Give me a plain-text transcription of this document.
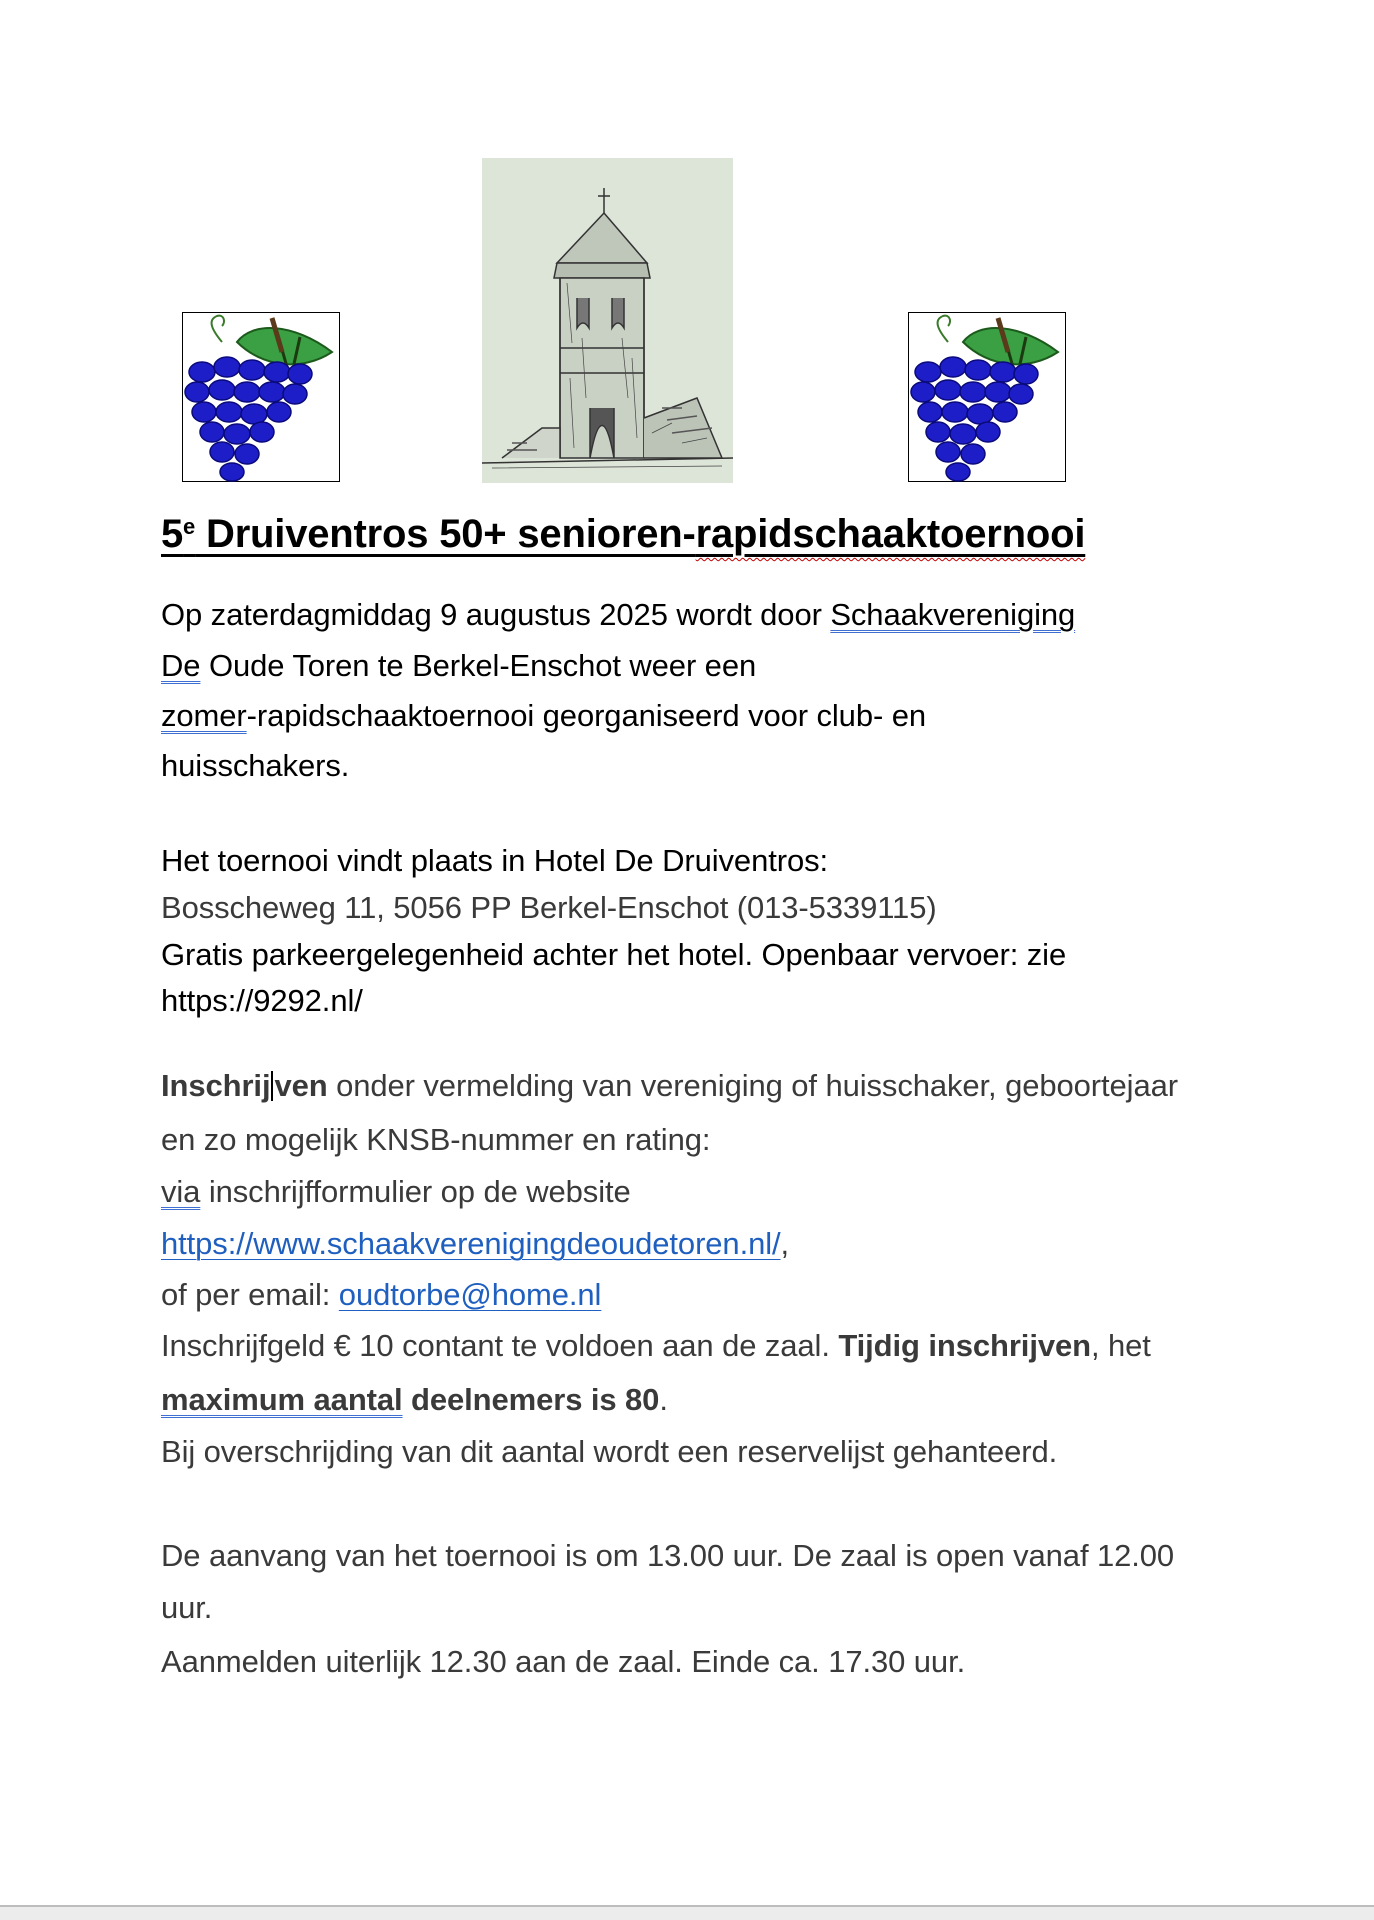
5e Druiventros 50+ senioren-rapidschaaktoernooi
Op zaterdagmiddag 9 augustus 2025 wordt door Schaakvereniging
De Oude Toren te Berkel-Enschot weer een
zomer-rapidschaaktoernooi georganiseerd voor club- en
huisschakers.
Het toernooi vindt plaats in Hotel De Druiventros:
Bosscheweg 11, 5056 PP Berkel-Enschot (013-5339115)
Gratis parkeergelegenheid achter het hotel. Openbaar vervoer: zie
https://9292.nl/
Inschrij ven onder vermelding van vereniging of huisschaker, geboortejaar
en zo mogelijk KNSB-nummer en rating:
via inschrijfformulier op de website
https://www.schaakverenigingdeoudetoren.nl/,
of per email: oudtorbe@home.nl
Inschrijfgeld € 10 contant te voldoen aan de zaal. Tijdig inschrijven, het
maximum aantal deelnemers is 80.
Bij overschrijding van dit aantal wordt een reservelijst gehanteerd.
De aanvang van het toernooi is om 13.00 uur. De zaal is open vanaf 12.00
uur.
Aanmelden uiterlijk 12.30 aan de zaal. Einde ca. 17.30 uur.
